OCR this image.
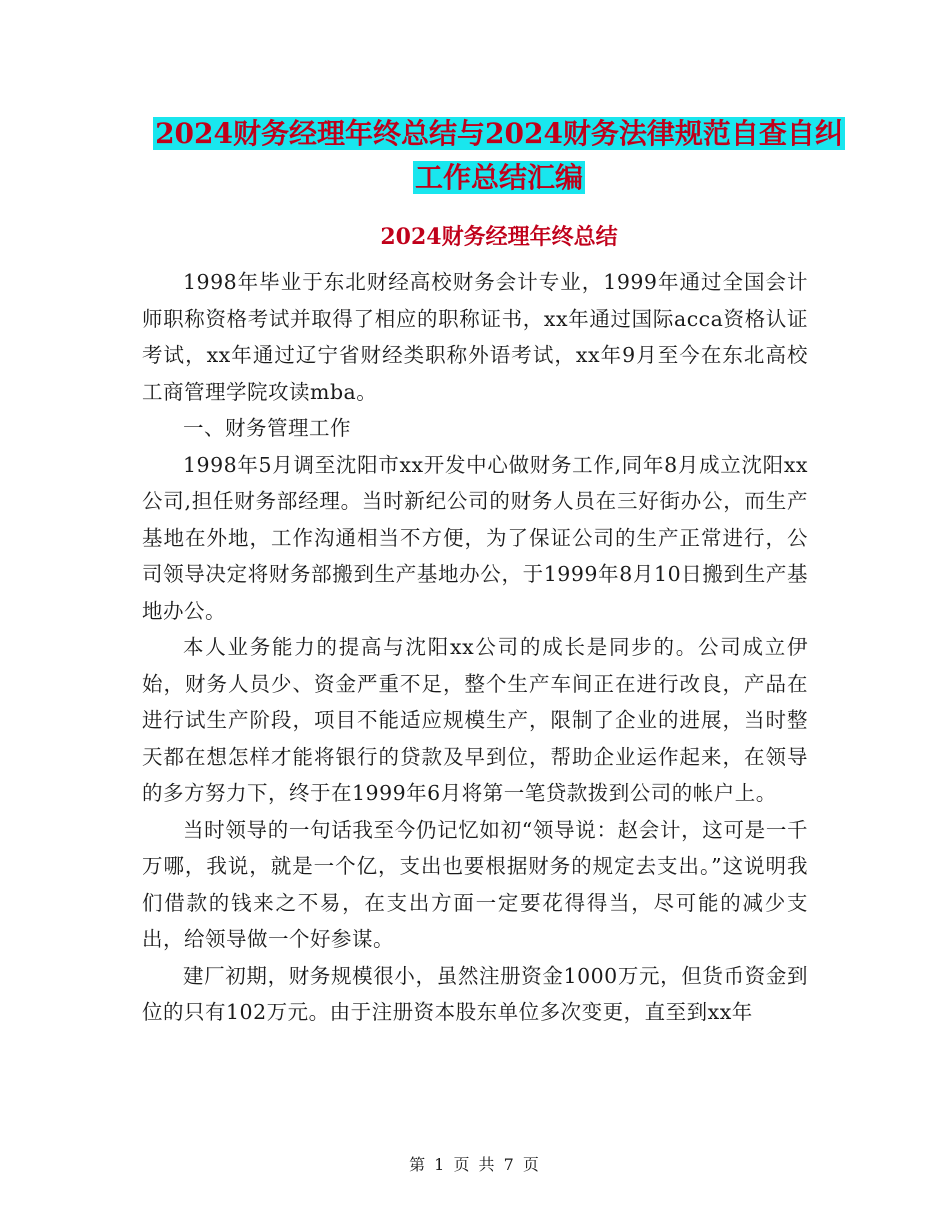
2024财务经理年终总结与2024财务法律规范自查自纠
工作总结汇编
2024财务经理年终总结

1998年毕业于东北财经高校财务会计专业，1999年通过全国会计师职称资格考试并取得了相应的职称证书，xx年通过国际acca资格认证考试，xx年通过辽宁省财经类职称外语考试，xx年9月至今在东北高校工商管理学院攻读mba。

一、财务管理工作

1998年5月调至沈阳市xx开发中心做财务工作,同年8月成立沈阳xx公司,担任财务部经理。当时新纪公司的财务人员在三好街办公，而生产基地在外地，工作沟通相当不方便，为了保证公司的生产正常进行，公司领导决定将财务部搬到生产基地办公，于1999年8月10日搬到生产基地办公。

本人业务能力的提高与沈阳xx公司的成长是同步的。公司成立伊始，财务人员少、资金严重不足，整个生产车间正在进行改良，产品在进行试生产阶段，项目不能适应规模生产，限制了企业的进展，当时整天都在想怎样才能将银行的贷款及早到位，帮助企业运作起来，在领导的多方努力下，终于在1999年6月将第一笔贷款拨到公司的帐户上。

当时领导的一句话我至今仍记忆如初“领导说：赵会计，这可是一千万哪，我说，就是一个亿，支出也要根据财务的规定去支出。”这说明我们借款的钱来之不易，在支出方面一定要花得得当，尽可能的减少支出，给领导做一个好参谋。

建厂初期，财务规模很小，虽然注册资金1000万元，但货币资金到位的只有102万元。由于注册资本股东单位多次变更，直至到xx年

第 1 页 共 7 页
